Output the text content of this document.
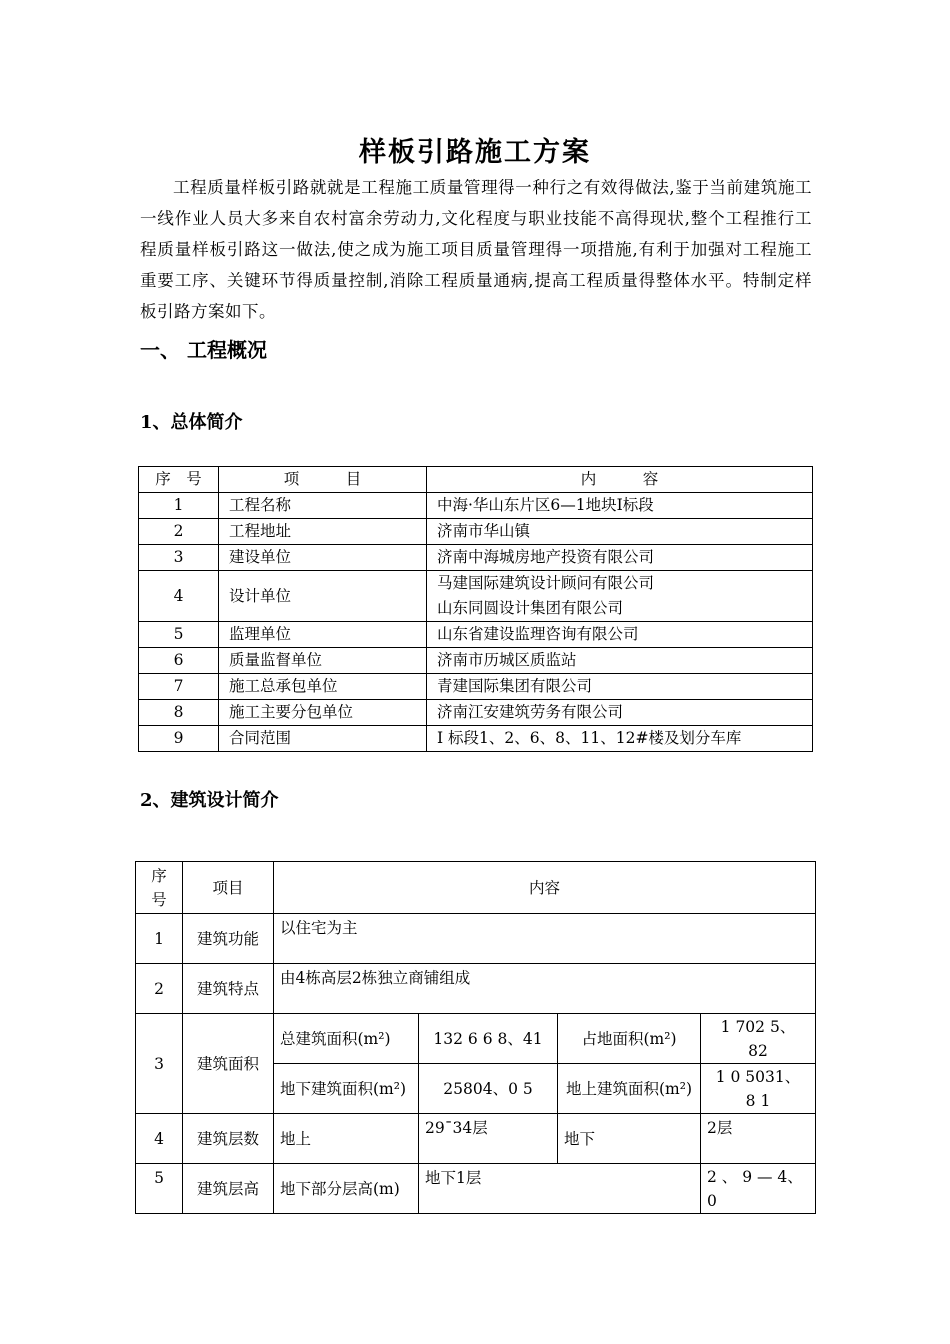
样板引路施工方案

工程质量样板引路就就是工程施工质量管理得一种行之有效得做法,鉴于当前建筑施工一线作业人员大多来自农村富余劳动力,文化程度与职业技能不高得现状,整个工程推行工程质量样板引路这一做法,使之成为施工项目质量管理得一项措施,有利于加强对工程施工重要工序、关键环节得质量控制,消除工程质量通病,提高工程质量得整体水平。特制定样板引路方案如下。

一、 工程概况
1、总体简介
序　号	项　　　目	内　　　容
1	工程名称	中海·华山东片区6—1地块Ⅰ标段

2	工程地址	济南市华山镇

3	建设单位	济南中海城房地产投资有限公司

4	设计单位	马建国际建筑设计顾问有限公司
山东同圆设计集团有限公司

5	监理单位	山东省建设监理咨询有限公司

6	质量监督单位	济南市历城区质监站

7	施工总承包单位	青建国际集团有限公司

8	施工主要分包单位	济南江安建筑劳务有限公司

9	合同范围	Ⅰ 标段1、2、6、8、11、12#楼及划分车库
2、建筑设计简介
序号	项目	内容			
1	建筑功能	以住宅为主			
2	建筑特点	由4栋高层2栋独立商铺组成			
3	建筑面积	总建筑面积(m²)	132 6 6 8、41	占地面积(m²)	1 702 5、82
		地下建筑面积(m²)	25804、0 5	地上建筑面积(m²)	1 0 5031、8 1
4	建筑层数	地上	29¯34层	地下	2层
5	建筑层高	地下部分层高(m)	地下1层		2 、 9 — 4、0
